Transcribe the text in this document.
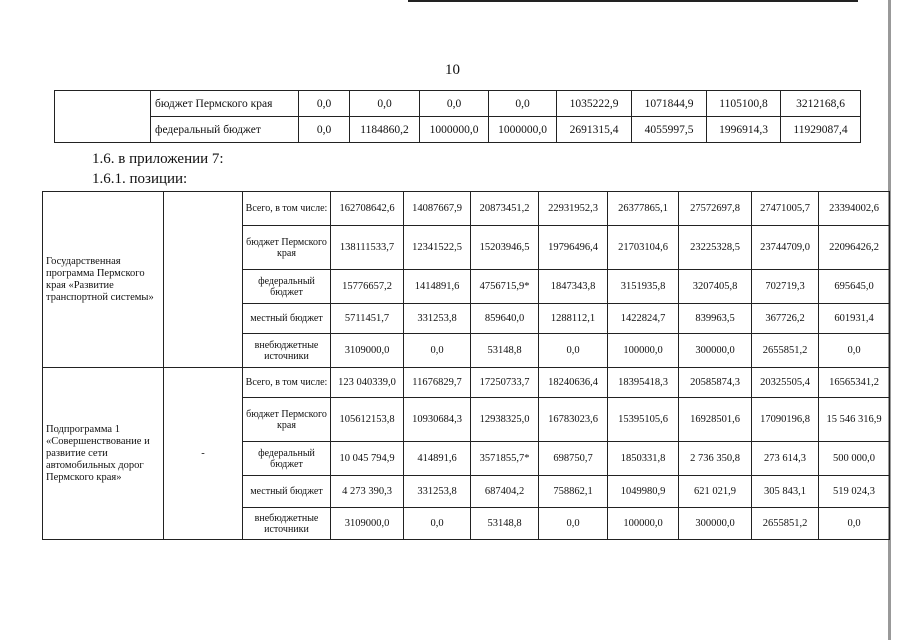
10
	бюджет Пермского края	0,0	0,0	0,0	0,0	1035222,9	1071844,9	1105100,8	3212168,6
	федеральный бюджет	0,0	1184860,2	1000000,0	1000000,0	2691315,4	4055997,5	1996914,3	11929087,4
1.6. в приложении 7:
1.6.1. позиции:
Государственная программа Пермского края «Развитие транспортной системы»		Всего, в том числе:	162708642,6	14087667,9	20873451,2	22931952,3	26377865,1	27572697,8	27471005,7	23394002,6
		бюджет Пермского края	138111533,7	12341522,5	15203946,5	19796496,4	21703104,6	23225328,5	23744709,0	22096426,2
		федеральный бюджет	15776657,2	1414891,6	4756715,9*	1847343,8	3151935,8	3207405,8	702719,3	695645,0
		местный бюджет	5711451,7	331253,8	859640,0	1288112,1	1422824,7	839963,5	367726,2	601931,4
		внебюджетные источники	3109000,0	0,0	53148,8	0,0	100000,0	300000,0	2655851,2	0,0
Подпрограмма 1 «Совершенствование и развитие сети автомобильных дорог Пермского края»	-	Всего, в том числе:	123 040339,0	11676829,7	17250733,7	18240636,4	18395418,3	20585874,3	20325505,4	16565341,2
		бюджет Пермского края	105612153,8	10930684,3	12938325,0	16783023,6	15395105,6	16928501,6	17090196,8	15 546 316,9
		федеральный бюджет	10 045 794,9	414891,6	3571855,7*	698750,7	1850331,8	2 736 350,8	273 614,3	500 000,0
		местный бюджет	4 273 390,3	331253,8	687404,2	758862,1	1049980,9	621 021,9	305 843,1	519 024,3
		внебюджетные источники	3109000,0	0,0	53148,8	0,0	100000,0	300000,0	2655851,2	0,0
